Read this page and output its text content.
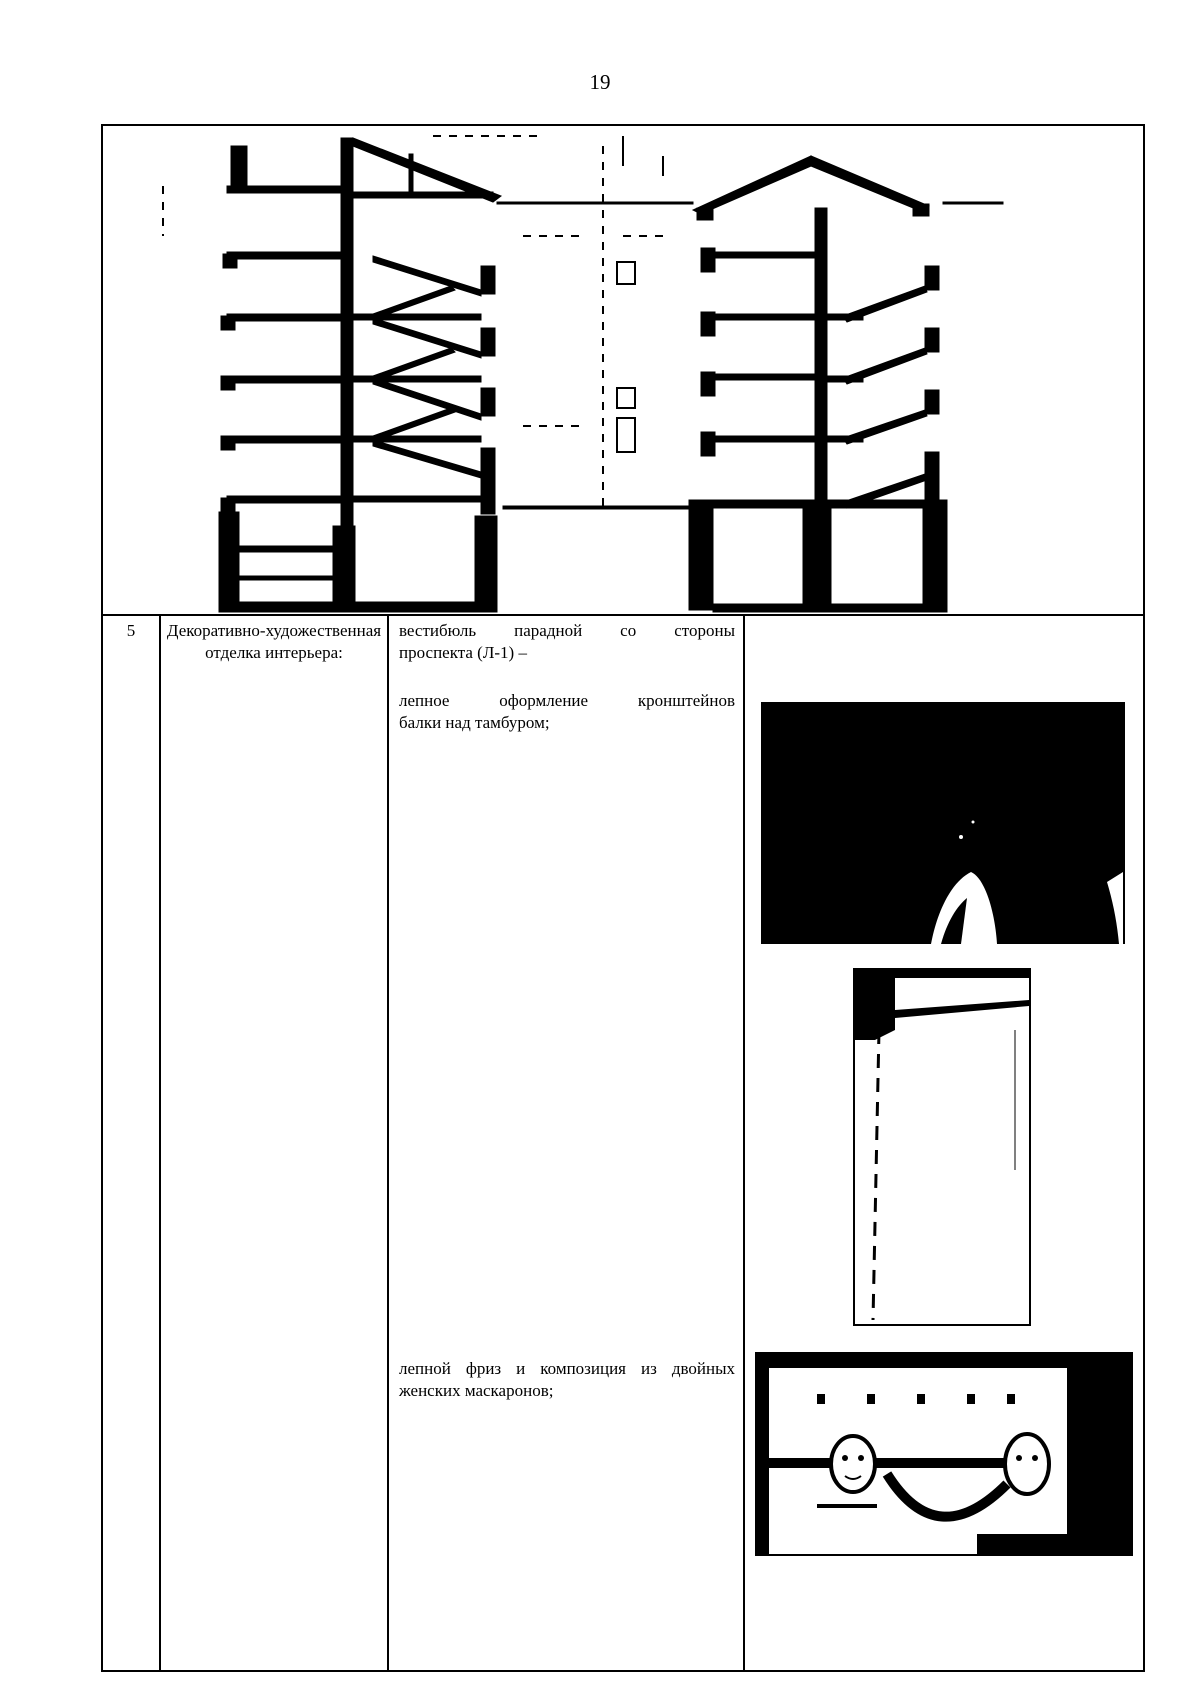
19
5	Декоративно-художественная отделка интерьера:
вестибюль парадной со стороны
проспекта (Л-1) –
лепное оформление кронштейнов
балки над тамбуром;
лепной фриз и композиция из двойных
женских маскаронов;
